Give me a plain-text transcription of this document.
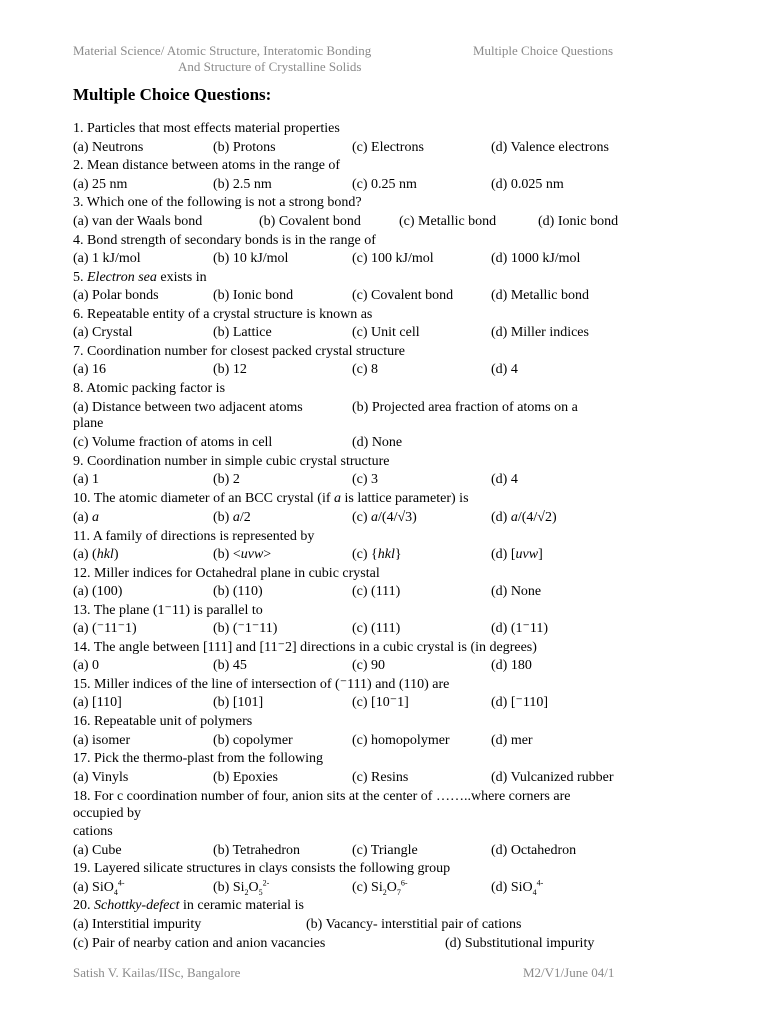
Material Science/ Atomic Structure, Interatomic Bonding
And Structure of Crystalline Solids
Multiple Choice Questions
Multiple Choice Questions:
1. Particles that most effects material properties
(a) Neutrons	(b) Protons	(c) Electrons	(d) Valence electrons
2. Mean distance between atoms in the range of
(a) 25 nm	(b) 2.5 nm	(c) 0.25 nm	(d) 0.025 nm
3. Which one of the following is not a strong bond?
(a) van der Waals bond	(b) Covalent bond	(c) Metallic bond	(d) Ionic bond
4. Bond strength of secondary bonds is in the range of
(a) 1 kJ/mol	(b) 10 kJ/mol	(c) 100 kJ/mol	(d) 1000 kJ/mol
5. Electron sea exists in
(a) Polar bonds	(b) Ionic bond	(c) Covalent bond	(d) Metallic bond
6. Repeatable entity of a crystal structure is known as
(a) Crystal	(b) Lattice	(c) Unit cell	(d) Miller indices
7. Coordination number for closest packed crystal structure
(a) 16	(b) 12	(c) 8	(d) 4
8. Atomic packing factor is
(a) Distance between two adjacent atoms	(b) Projected area fraction of atoms on a
plane
(c) Volume fraction of atoms in cell	(d) None
9. Coordination number in simple cubic crystal structure
(a) 1	(b) 2	(c) 3	(d) 4
10. The atomic diameter of an BCC crystal (if a is lattice parameter) is
(a) a	(b) a/2	(c) a/(4/√3)	(d) a/(4/√2)
11. A family of directions is represented by
(a) (hkl)	(b) <uvw>	(c) {hkl}	(d) [uvw]
12. Miller indices for Octahedral plane in cubic crystal
(a) (100)	(b) (110)	(c) (111)	(d) None
13. The plane (1⁻11) is parallel to
(a) (⁻11⁻1)	(b) (⁻1⁻11)	(c) (111)	(d) (1⁻11)
14. The angle between [111] and [11⁻2] directions in a cubic crystal is (in degrees)
(a) 0	(b) 45	(c) 90	(d) 180
15. Miller indices of the line of intersection of (⁻111) and (110) are
(a) [110]	(b) [101]	(c) [10⁻1]	(d) [⁻110]
16. Repeatable unit of polymers
(a) isomer	(b) copolymer	(c) homopolymer	(d) mer
17. Pick the thermo-plast from the following
(a) Vinyls	(b) Epoxies	(c) Resins	(d) Vulcanized rubber
18. For c coordination number of four, anion sits at the center of ……..where corners are
occupied by
cations
(a) Cube	(b) Tetrahedron	(c) Triangle	(d) Octahedron
19. Layered silicate structures in clays consists the following group
(a) SiO$_4^{4-}$	(b) $Si_2O_5^{2-}$	(c) $Si_2O_7^{6-}$	(d) SiO$_4^{4-}$
20. Schottky-defect in ceramic material is
(a) Interstitial impurity	(b) Vacancy- interstitial pair of cations
(c) Pair of nearby cation and anion vacancies	(d) Substitutional impurity
Satish V. Kailas/IISc, Bangalore	M2/V1/June 04/1
